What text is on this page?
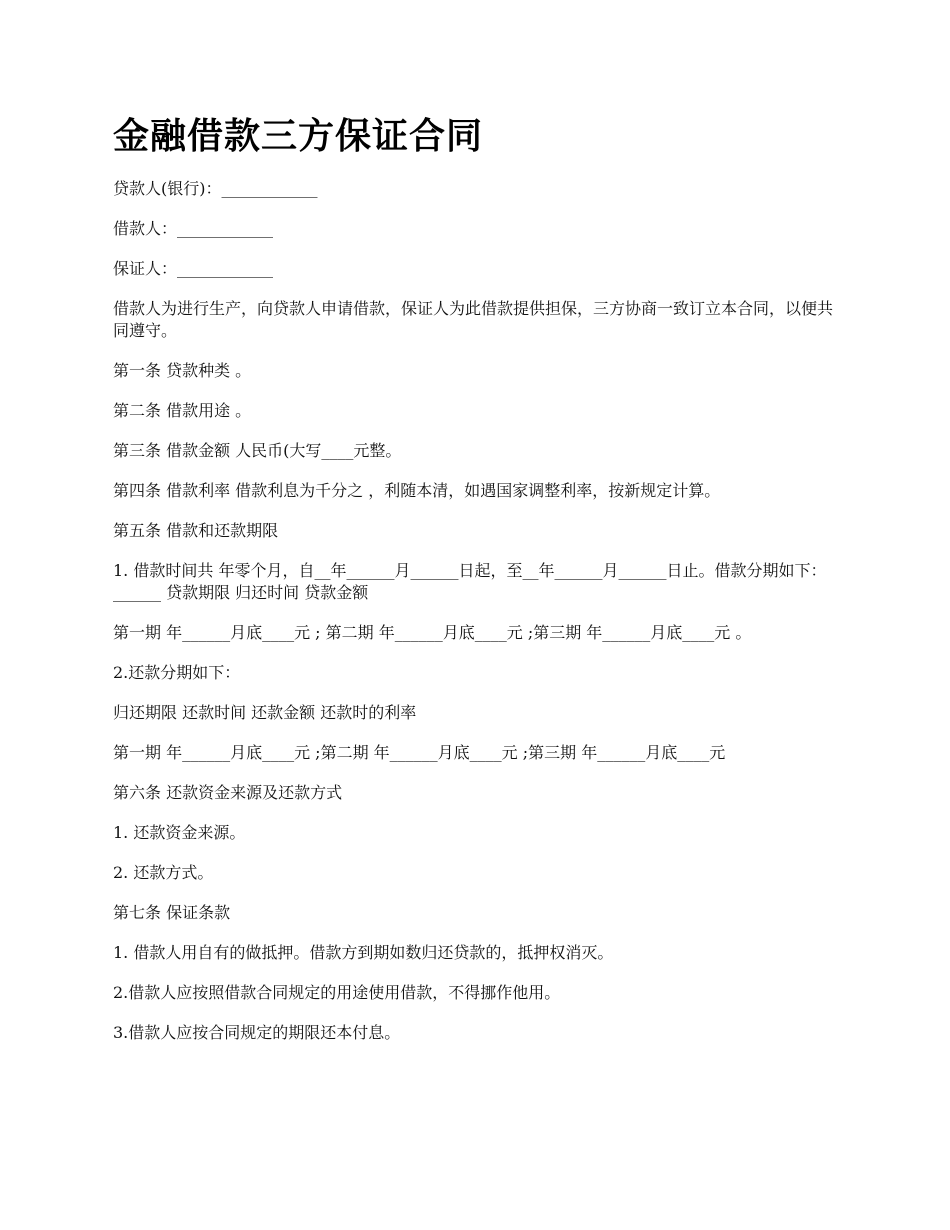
金融借款三方保证合同

贷款人(银行)：____________

借款人：____________

保证人：____________

借款人为进行生产，向贷款人申请借款，保证人为此借款提供担保，三方协商一致订立本合同，以便共同遵守。

第一条 贷款种类 。

第二条 借款用途 。

第三条 借款金额 人民币(大写____元整。

第四条 借款利率 借款利息为千分之 ，利随本清，如遇国家调整利率，按新规定计算。

第五条 借款和还款期限

1. 借款时间共 年零个月，自__年______月______日起，至__年______月______日止。借款分期如下：______ 贷款期限 归还时间 贷款金额

第一期 年______月底____元 ; 第二期 年______月底____元 ;第三期 年______月底____元 。

2.还款分期如下：

归还期限 还款时间 还款金额 还款时的利率

第一期 年______月底____元 ;第二期 年______月底____元 ;第三期 年______月底____元

第六条 还款资金来源及还款方式

1. 还款资金来源。

2. 还款方式。

第七条 保证条款

1. 借款人用自有的做抵押。借款方到期如数归还贷款的，抵押权消灭。

2.借款人应按照借款合同规定的用途使用借款，不得挪作他用。

3.借款人应按合同规定的期限还本付息。
